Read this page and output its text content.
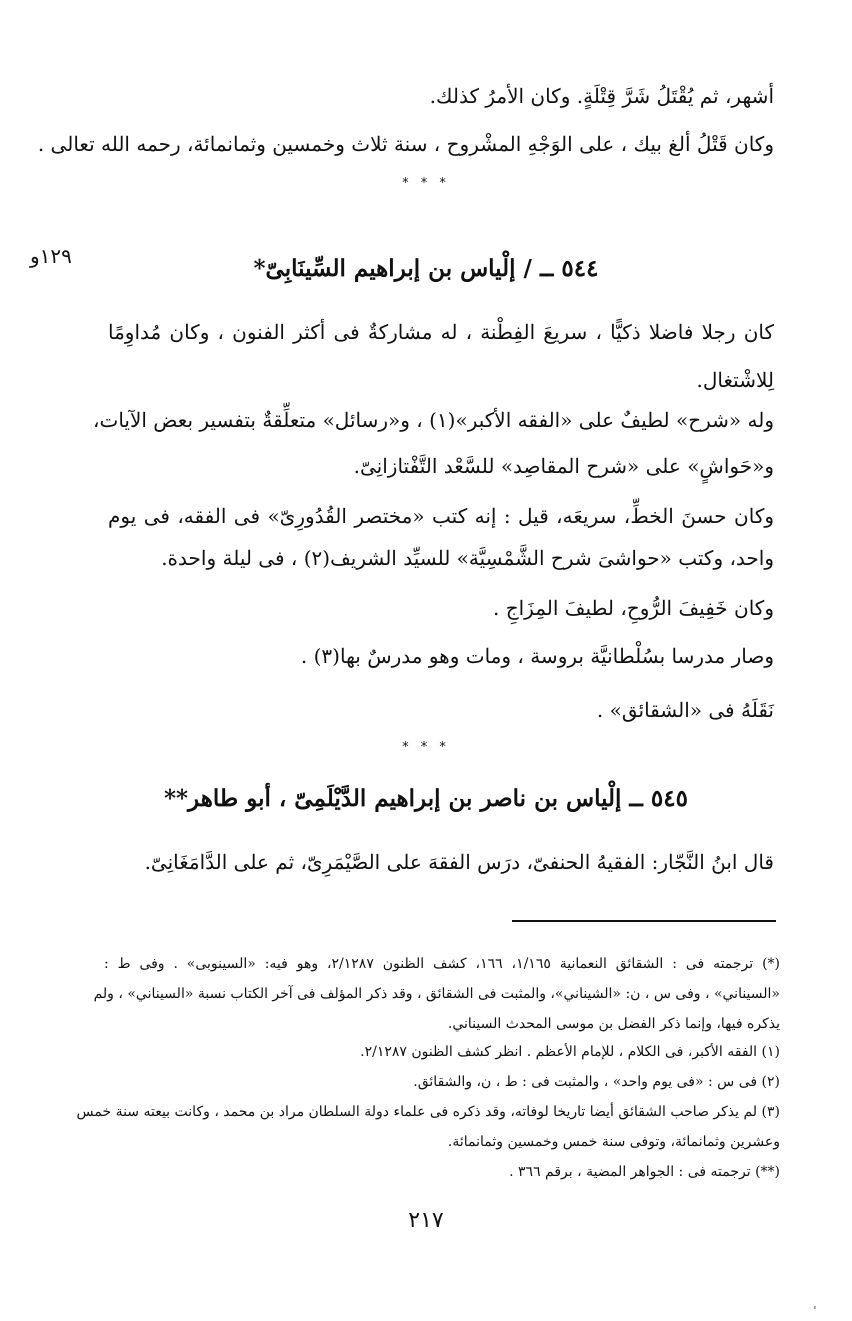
أشهر، ثم يُقْتَلُ شَرَّ قِتْلَةٍ. وكان الأمرُ كذلك.
وكان قَتْلُ ألغ بيك ، على الوَجْهِ المشْروح ، سنة ثلاث وخمسين وثمانمائة، رحمه الله تعالى .
* * *
١٢٩و	٥٤٤ ــ / إلْياس بن إبراهيم السِّينَابِىّ*
كان رجلا فاضلا ذكيًّا ، سريعَ الفِطْنة ، له مشاركةٌ فى أكثر الفنون ، وكان مُداوِمًا
لِلاشْتغال.
وله «شرح» لطيفٌ على «الفقه الأكبر»(١) ، و«رسائل» متعلِّقةٌ بتفسير بعض الآيات،
و«حَواشٍ» على «شرح المقاصِد» للسَّعْد التَّفْتازانِىّ.
وكان حسنَ الخطِّ، سريعَه، قيل : إنه كتب «مختصر القُدُورِىّ» فى الفقه، فى يوم
واحد، وكتب «حواشىَ شرح الشَّمْسِيَّة» للسيِّد الشريف(٢) ، فى ليلة واحدة.
وكان خَفِيفَ الرُّوحِ، لطيفَ المِزَاجِ .
وصار مدرسا بسُلْطانيَّة بروسة ، ومات وهو مدرسٌ بها(٣) .
نَقَلَهُ فى «الشقائق» .
* * *
٥٤٥ ــ إلْياس بن ناصر بن إبراهيم الدَّيْلَمِىّ ، أبو طاهر**
قال ابنُ النَّجّار: الفقيهُ الحنفىّ، درَس الفقهَ على الصَّيْمَرِىّ، ثم على الدَّامَغَانِىّ.
(*) ترجمته فى : الشقائق النعمانية ١/١٦٥، ١٦٦، كشف الظنون ٢/١٢٨٧، وهو فيه: «السينوبى» . وفى ط :
«السيناني» ، وفى س ، ن: «الشيناني»، والمثبت فى الشقائق ، وقد ذكر المؤلف فى آخر الكتاب نسبة «السيناني» ، ولم
يذكره فيها، وإنما ذكر الفضل بن موسى المحدث السيناني.
(١) الفقه الأكبر، فى الكلام ، للإمام الأعظم . انظر كشف الظنون ٢/١٢٨٧.
(٢) فى س : «فى يوم واحد» ، والمثبت فى : ط ، ن، والشقائق.
(٣) لم يذكر صاحب الشقائق أيضا تاريخا لوفاته، وقد ذكره فى علماء دولة السلطان مراد بن محمد ، وكانت بيعته سنة خمس
وعشرين وثمانمائة، وتوفى سنة خمس وخمسين وثمانمائة.
(**) ترجمته فى : الجواهر المضية ، برقم ٣٦٦ .
٢١٧
